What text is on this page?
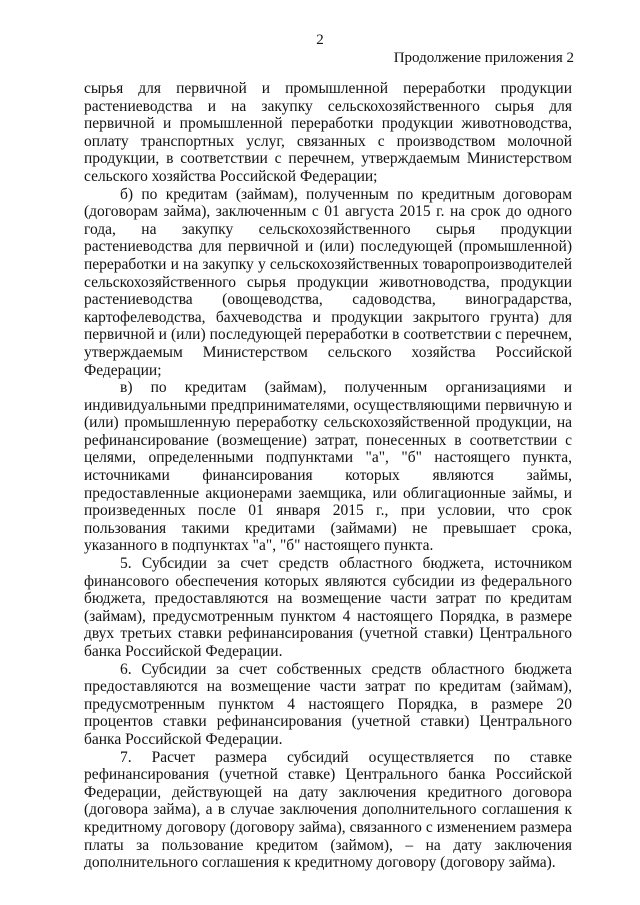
2
Продолжение приложения 2

сырья для первичной и промышленной переработки продукции растениеводства и на закупку сельскохозяйственного сырья для первичной и промышленной переработки продукции животноводства, оплату транспортных услуг, связанных с производством молочной продукции, в соответствии с перечнем, утверждаемым Министерством сельского хозяйства Российской Федерации;

б) по кредитам (займам), полученным по кредитным договорам (договорам займа), заключенным с 01 августа 2015 г. на срок до одного года, на закупку сельскохозяйственного сырья продукции растениеводства для первичной и (или) последующей (промышленной) переработки и на закупку у сельскохозяйственных товаропроизводителей сельскохозяйственного сырья продукции животноводства, продукции растениеводства (овощеводства, садоводства, виноградарства, картофелеводства, бахчеводства и продукции закрытого грунта) для первичной и (или) последующей переработки в соответствии с перечнем, утверждаемым Министерством сельского хозяйства Российской Федерации;

в) по кредитам (займам), полученным организациями и индивидуальными предпринимателями, осуществляющими первичную и (или) промышленную переработку сельскохозяйственной продукции, на рефинансирование (возмещение) затрат, понесенных в соответствии с целями, определенными подпунктами "а", "б" настоящего пункта, источниками финансирования которых являются займы, предоставленные акционерами заемщика, или облигационные займы, и произведенных после 01 января 2015 г., при условии, что срок пользования такими кредитами (займами) не превышает срока, указанного в подпунктах "а", "б" настоящего пункта.

5. Субсидии за счет средств областного бюджета, источником финансового обеспечения которых являются субсидии из федерального бюджета, предоставляются на возмещение части затрат по кредитам (займам), предусмотренным пунктом 4 настоящего Порядка, в размере двух третьих ставки рефинансирования (учетной ставки) Центрального банка Российской Федерации.

6. Субсидии за счет собственных средств областного бюджета предоставляются на возмещение части затрат по кредитам (займам), предусмотренным пунктом 4 настоящего Порядка, в размере 20 процентов ставки рефинансирования (учетной ставки) Центрального банка Российской Федерации.

7. Расчет размера субсидий осуществляется по ставке рефинансирования (учетной ставке) Центрального банка Российской Федерации, действующей на дату заключения кредитного договора (договора займа), а в случае заключения дополнительного соглашения к кредитному договору (договору займа), связанного с изменением размера платы за пользование кредитом (займом), – на дату заключения дополнительного соглашения к кредитному договору (договору займа).
